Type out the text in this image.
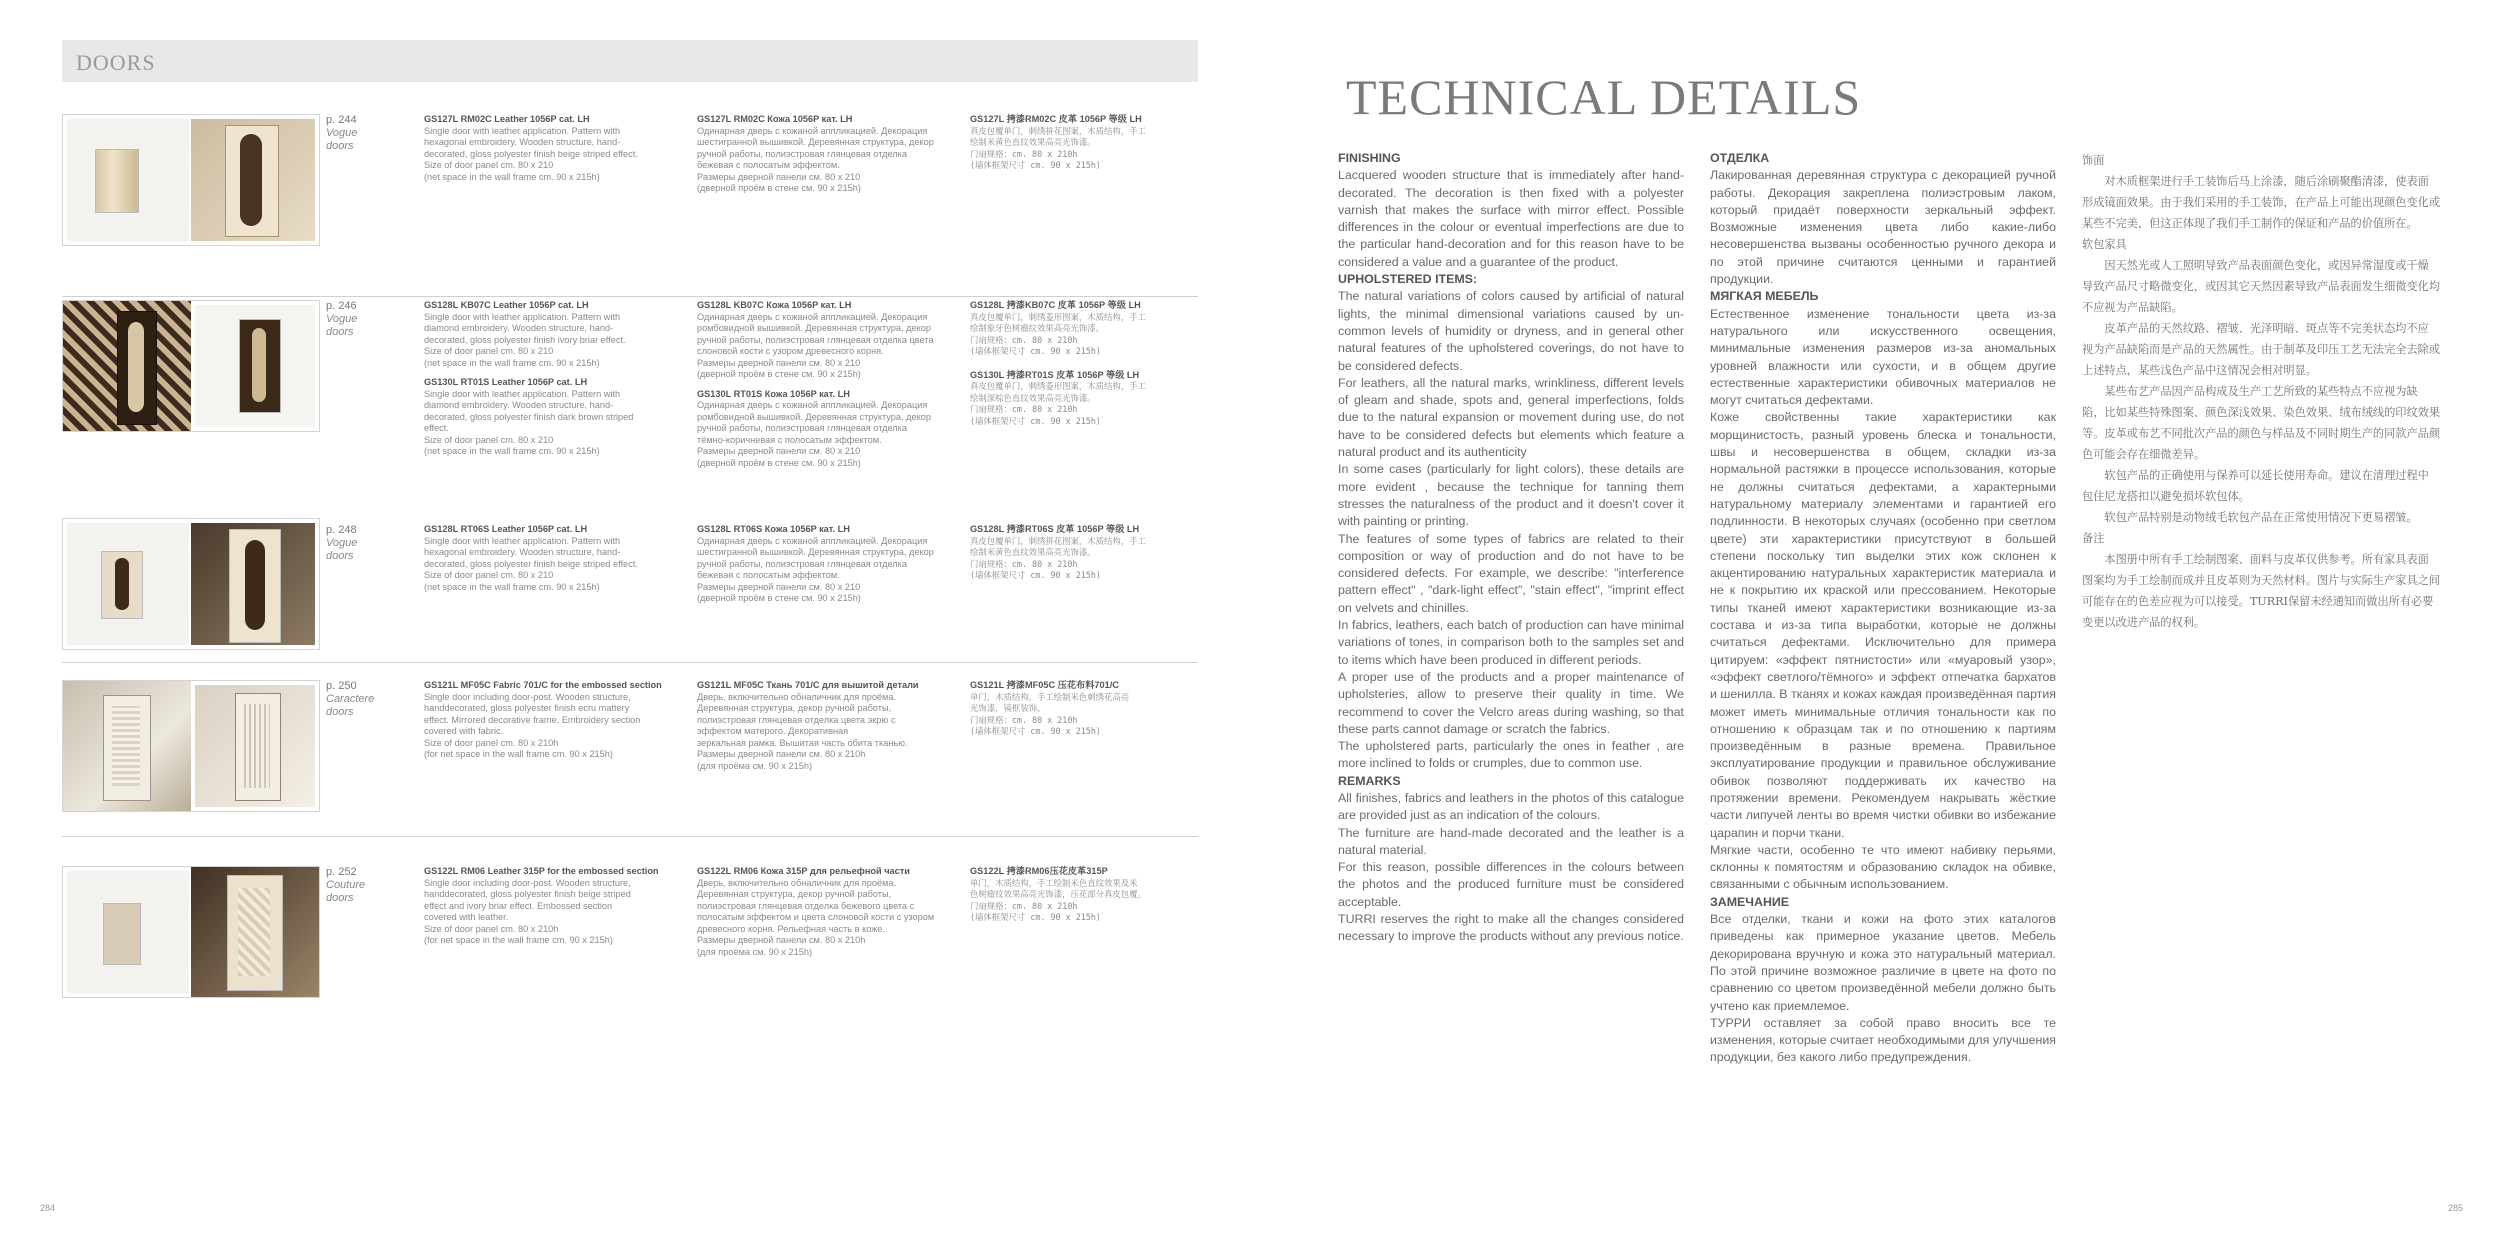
DOORS
p. 244
Vogue
doors
GS127L RM02C Leather 1056P cat. LH
Single door with leather application. Pattern with
hexagonal embroidery. Wooden structure, hand-
decorated, gloss polyester finish beige striped effect.
Size of door panel cm. 80 x 210
(net space in the wall frame cm. 90 x 215h)
GS127L RM02C Кожа 1056P кат. LH
Одинарная дверь с кожаной аппликацией. Декорация
шестигранной вышивкой. Деревянная структура, декор
ручной работы, полиэстровая глянцевая отделка
бежевая с полосатым эффектом.
Размеры дверной панели см. 80 x 210
(дверной проём в стене см. 90 x 215h)
GS127L 拷漆RM02C 皮革 1056P 等级 LH
真皮包覆单门，刺绣拼花图案，木质结构，手工
绘制米黄色直纹效果高亮光饰漆。
门扇规格：cm. 80 x 210h
(墙体框架尺寸 cm. 90 x 215h)
p. 246
Vogue
doors
GS128L KB07C Leather 1056P cat. LH
Single door with leather application. Pattern with
diamond embroidery. Wooden structure, hand-
decorated, gloss polyester finish ivory briar effect.
Size of door panel cm. 80 x 210
(net space in the wall frame cm. 90 x 215h)
GS130L RT01S Leather 1056P cat. LH
Single door with leather application. Pattern with
diamond embroidery. Wooden structure, hand-
decorated, gloss polyester finish dark brown striped
effect.
Size of door panel cm. 80 x 210
(net space in the wall frame cm. 90 x 215h)
GS128L KB07C Кожа 1056P кат. LH
Одинарная дверь с кожаной аппликацией. Декорация
ромбовидной вышивкой. Деревянная структура, декор
ручной работы, полиэстровая глянцевая отделка цвета
слоновой кости с узором древесного корня.
Размеры дверной панели см. 80 x 210
(дверной проём в стене см. 90 x 215h)
GS130L RT01S Кожа 1056P кат. LH
Одинарная дверь с кожаной аппликацией. Декорация
ромбовидной вышивкой. Деревянная структура, декор
ручной работы, полиэстровая глянцевая отделка
тёмно-коричневая с полосатым эффектом.
Размеры дверной панели см. 80 x 210
(дверной проём в стене см. 90 x 215h)
GS128L 拷漆KB07C 皮革 1056P 等级 LH
真皮包覆单门，刺绣菱形图案，木质结构，手工
绘制象牙色树瘤纹效果高亮光饰漆。
门扇规格：cm. 80 x 210h
(墙体框架尺寸 cm. 90 x 215h)
GS130L 拷漆RT01S 皮革 1056P 等级 LH
真皮包覆单门，刺绣菱形图案，木质结构，手工
绘制深棕色直纹效果高亮光饰漆。
门扇规格：cm. 80 x 210h
(墙体框架尺寸 cm. 90 x 215h)
p. 248
Vogue
doors
GS128L RT06S Leather 1056P cat. LH
Single door with leather application. Pattern with
hexagonal embroidery. Wooden structure, hand-
decorated, gloss polyester finish beige striped effect.
Size of door panel cm. 80 x 210
(net space in the wall frame cm. 90 x 215h)
GS128L RT06S Кожа 1056P кат. LH
Одинарная дверь с кожаной аппликацией. Декорация
шестигранной вышивкой. Деревянная структура, декор
ручной работы, полиэстровая глянцевая отделка
бежевая с полосатым эффектом.
Размеры дверной панели см. 80 x 210
(дверной проём в стене см. 90 x 215h)
GS128L 拷漆RT06S 皮革 1056P 等级 LH
真皮包覆单门，刺绣拼花图案，木质结构，手工
绘制米黄色直纹效果高亮光饰漆。
门扇规格：cm. 80 x 210h
(墙体框架尺寸 cm. 90 x 215h)
p. 250
Caractere
doors
GS121L MF05C Fabric 701/C for the embossed section
Single door including door-post. Wooden structure,
handdecorated, gloss polyester finish ecru mattery
effect. Mirrored decorative frame. Embroidery section
covered with fabric.
Size of door panel cm. 80 x 210h
(for net space in the wall frame cm. 90 x 215h)
GS121L MF05C Ткань 701/C для вышитой детали
Дверь, включительно обналичник для проёма.
Деревянная структура, декор ручной работы,
полиэстровая глянцевая отделка цвета экрю с
эффектом матерого. Декоративная
зеркальная рамка. Вышитая часть обита тканью.
Размеры дверной панели см. 80 x 210h
(для проёма см. 90 x 215h)
GS121L 拷漆MF05C 压花布料701/C
单门，木质结构，手工绘制米色刺绣花高亮
光饰漆，镜框装饰。
门扇规格：cm. 80 x 210h
(墙体框架尺寸 cm. 90 x 215h)
p. 252
Couture
doors
GS122L RM06 Leather 315P for the embossed section
Single door including door-post. Wooden structure,
handdecorated, gloss polyester finish beige striped
effect and ivory briar effect. Embossed section
covered with leather.
Size of door panel cm. 80 x 210h
(for net space in the wall frame cm. 90 x 215h)
GS122L RM06 Кожа 315P для рельефной части
Дверь, включительно обналичник для проёма.
Деревянная структура, декор ручной работы,
полиэстровая глянцевая отделка бежевого цвета с
полосатым эффектом и цвета слоновой кости с узором
древесного корня. Рельефная часть в коже.
Размеры дверной панели см. 80 x 210h
(для проёма см. 90 x 215h)
GS122L 拷漆RM06压花皮革315P
单门，木质结构，手工绘制米色直纹效果及米
色树瘤纹效果高亮光饰漆，压花部分真皮包覆。
门扇规格：cm. 80 x 210h
(墙体框架尺寸 cm. 90 x 215h)
284
TECHNICAL DETAILS
FINISHING

Lacquered wooden structure that is immediately after hand-decorated. The decoration is then fixed with a polyester varnish that makes the surface with mirror effect. Possible differences in the colour or eventual imperfections are due to the particular hand-decoration and for this reason have to be considered a value and a guarantee of the product.

UPHOLSTERED ITEMS:

The natural variations of colors caused by artificial of natural lights, the minimal dimensional variations caused by un-common levels of humidity or dryness, and in general other natural features of the upholstered coverings, do not have to be considered defects.

For leathers, all the natural marks, wrinkliness, different levels of gleam and shade, spots and, general imperfections, folds due to the natural expansion or movement during use, do not have to be considered defects but elements which feature a natural product and its authenticity

In some cases (particularly for light colors), these details are more evident , because the technique for tanning them stresses the naturalness of the product and it doesn't cover it with painting or printing.

The features of some types of fabrics are related to their composition or way of production and do not have to be considered defects. For example, we describe: "interference pattern effect" , "dark-light effect", "stain effect", "imprint effect on velvets and chinilles.

In fabrics, leathers, each batch of production can have minimal variations of tones, in comparison both to the samples set and to items which have been produced in different periods.

A proper use of the products and a proper maintenance of upholsteries, allow to preserve their quality in time. We recommend to cover the Velcro areas during washing, so that these parts cannot damage or scratch the fabrics.

The upholstered parts, particularly the ones in feather , are more inclined to folds or crumples, due to common use.

REMARKS

All finishes, fabrics and leathers in the photos of this catalogue are provided just as an indication of the colours.

The furniture are hand-made decorated and the leather is a natural material.

For this reason, possible differences in the colours between the photos and the produced furniture must be considered acceptable.

TURRI reserves the right to make all the changes considered necessary to improve the products without any previous notice.

ОТДЕЛКА

Лакированная деревянная структура с декорацией ручной работы. Декорация закреплена полиэстровым лаком, который придаёт поверхности зеркальный эффект. Возможные изменения цвета либо какие-либо несовершенства вызваны особенностью ручного декора и по этой причине считаются ценными и гарантией продукции.

МЯГКАЯ МЕБЕЛЬ

Естественное изменение тональности цвета из-за натурального или искусственного освещения, минимальные изменения размеров из-за аномальных уровней влажности или сухости, и в общем другие естественные характеристики обивочных материалов не могут считаться дефектами.

Коже свойственны такие характеристики как морщинистость, разный уровень блеска и тональности, швы и несовершенства в общем, складки из-за нормальной растяжки в процессе использования, которые не должны считаться дефектами, а характерными натуральному материалу элементами и гарантией его подлинности. В некоторых случаях (особенно при светлом цвете) эти характеристики присутствуют в большей степени поскольку тип выделки этих кож склонен к акцентированию натуральных характеристик материала и не к покрытию их краской или прессованием. Некоторые типы тканей имеют характеристики возникающие из-за состава и из-за типа выработки, которые не должны считаться дефектами. Исключительно для примера цитируем: «эффект пятнистости» или «муаровый узор», «эффект светлого/тёмного» и эффект отпечатка бархатов и шенилла. В тканях и кожах каждая произведённая партия может иметь минимальные отличия тональности как по отношению к образцам так и по отношению к партиям произведённым в разные времена. Правильное эксплуатирование продукции и правильное обслуживание обивок позволяют поддерживать их качество на протяжении времени. Рекомендуем накрывать жёсткие части липучей ленты во время чистки обивки во избежание царапин и порчи ткани.

Мягкие части, особенно те что имеют набивку перьями, склонны к помятостям и образованию складок на обивке, связанными с обычным использованием.

ЗАМЕЧАНИЕ

Все отделки, ткани и кожи на фото этих каталогов приведены как примерное указание цветов. Мебель декорирована вручную и кожа это натуральный материал. По этой причине возможное различие в цвете на фото по сравнению со цветом произведённой мебели должно быть учтено как приемлемое.

ТУРРИ оставляет за собой право вносить все те изменения, которые считает необходимыми для улучшения продукции, без какого либо предупреждения.

饰面

对木质框架进行手工装饰后马上涂漆，随后涂刷聚酯清漆，使表面形成镜面效果。由于我们采用的手工装饰，在产品上可能出现颜色变化或某些不完美，但这正体现了我们手工制作的保证和产品的价值所在。

软包家具

因天然光或人工照明导致产品表面颜色变化，或因异常湿度或干燥导致产品尺寸略微变化，或因其它天然因素导致产品表面发生细微变化均不应视为产品缺陷。

皮革产品的天然纹路、褶皱、光泽明暗、斑点等不完美状态均不应视为产品缺陷而是产品的天然属性。由于制革及印压工艺无法完全去除或上述特点，某些浅色产品中这情况会相对明显。

某些布艺产品因产品构成及生产工艺所致的某些特点不应视为缺陷，比如某些特殊图案、颜色深浅效果、染色效果、绒布绒线的印纹效果等。皮革或布艺不同批次产品的颜色与样品及不同时期生产的同款产品颜色可能会存在细微差异。

软包产品的正确使用与保养可以延长使用寿命。建议在清理过程中包住尼龙搭扣以避免损坏软包体。

软包产品特别是动物绒毛软包产品在正常使用情况下更易褶皱。

备注

本图册中所有手工绘制图案、面料与皮革仅供参考。所有家具表面图案均为手工绘制而成并且皮革则为天然材料。图片与实际生产家具之间可能存在的色差应视为可以接受。TURRI保留未经通知而做出所有必要变更以改进产品的权利。

285
